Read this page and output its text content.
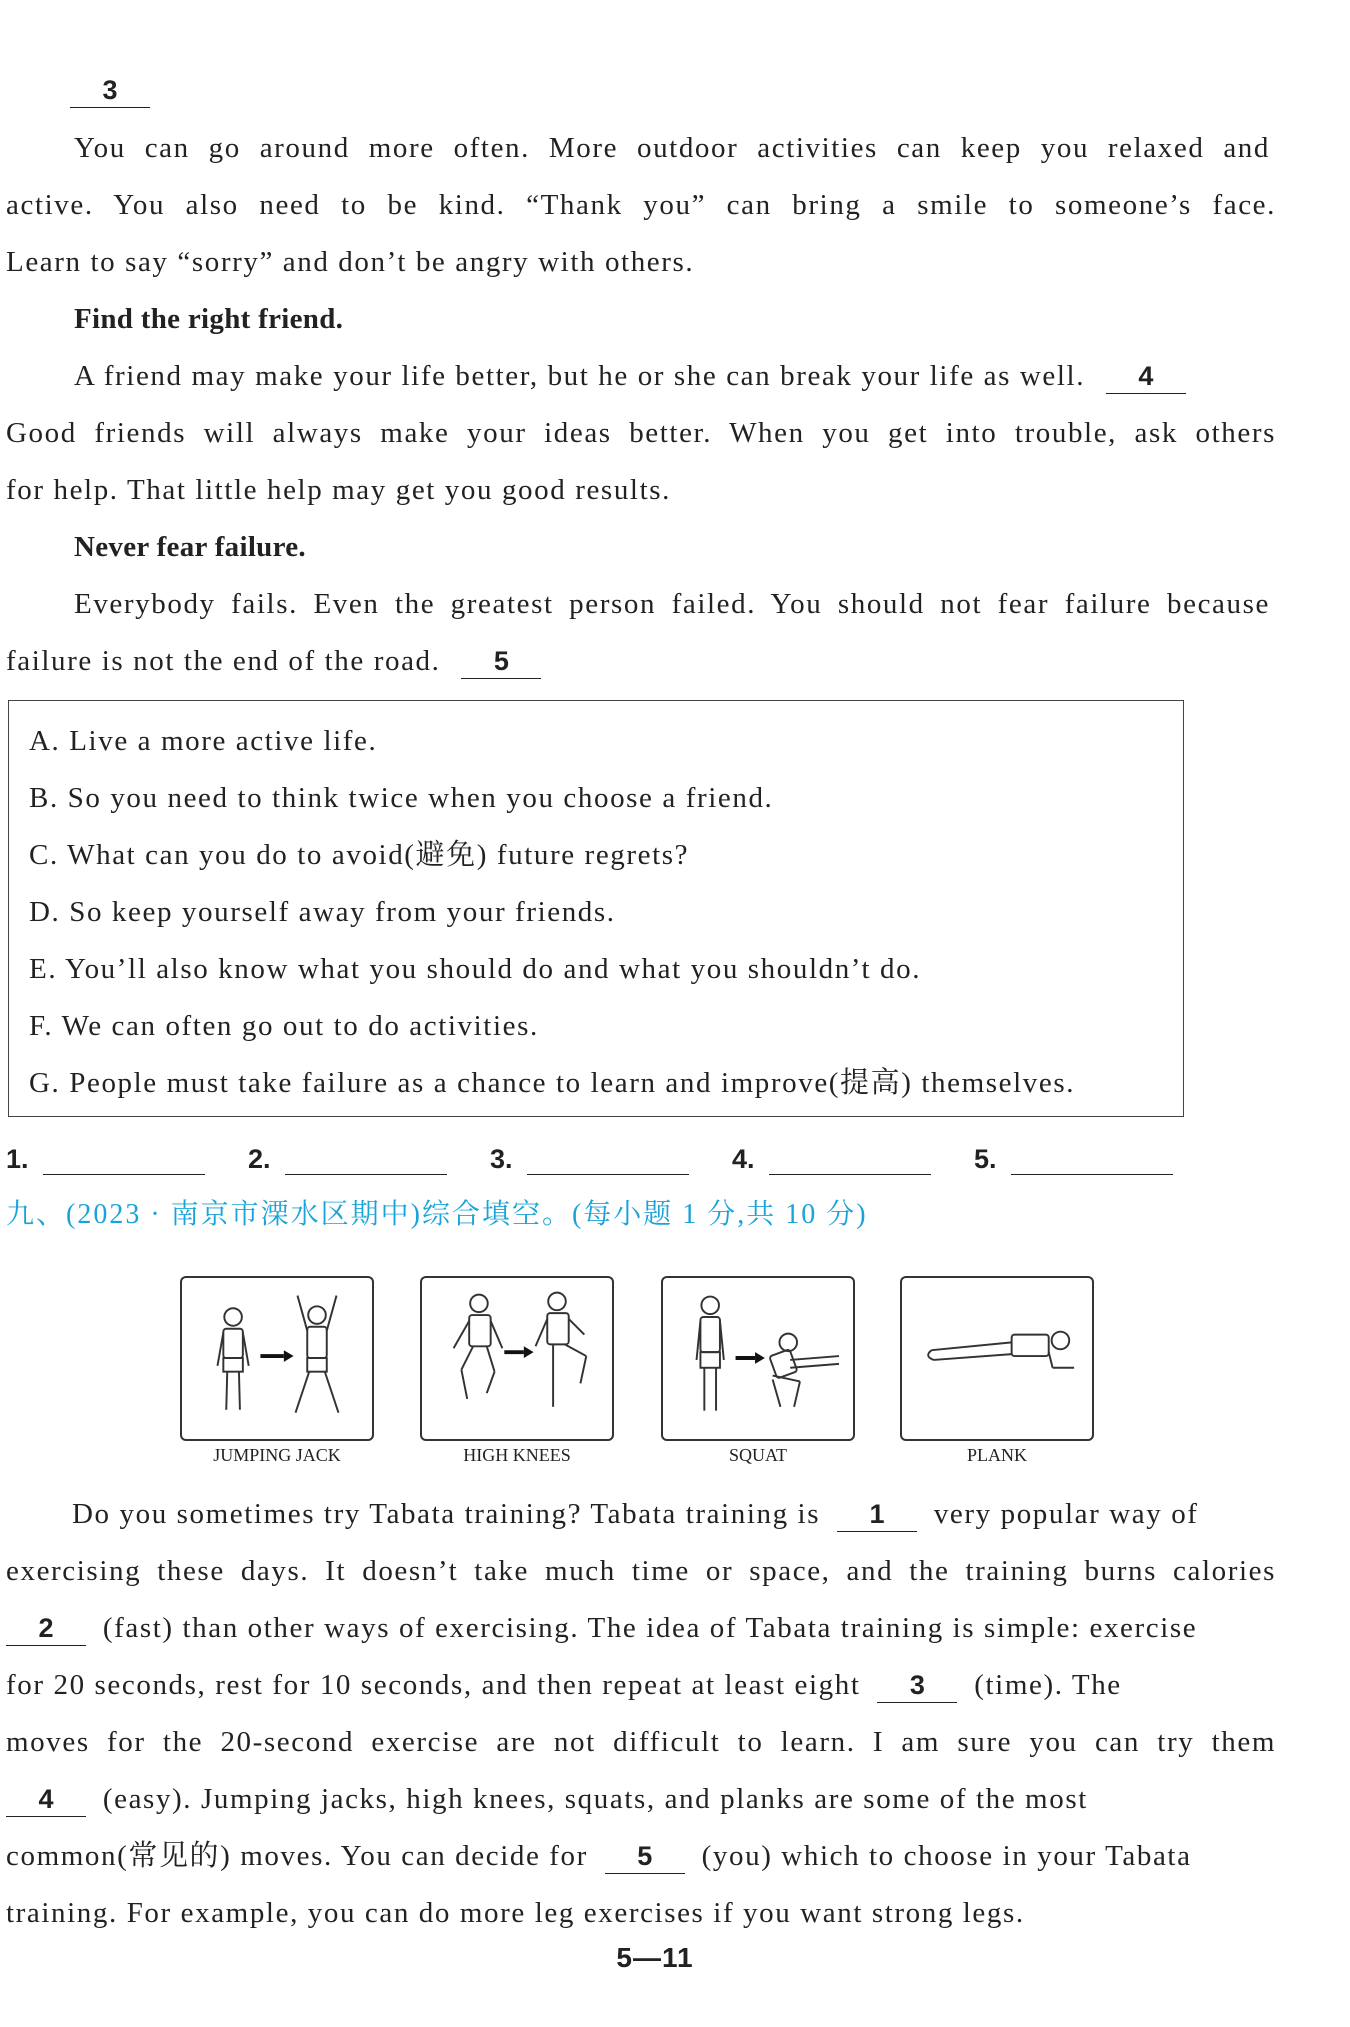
3
You can go around more often. More outdoor activities can keep you relaxed and
active. You also need to be kind. “Thank you” can bring a smile to someone’s face.
Learn to say “sorry” and don’t be angry with others.
Find the right friend.
A friend may make your life better, but he or she can break your life as well. 4
Good friends will always make your ideas better. When you get into trouble, ask others
for help. That little help may get you good results.
Never fear failure.
Everybody fails. Even the greatest person failed. You should not fear failure because
failure is not the end of the road. 5
A. Live a more active life.
B. So you need to think twice when you choose a friend.
C. What can you do to avoid(避免) future regrets?
D. So keep yourself away from your friends.
E. You’ll also know what you should do and what you shouldn’t do.
F. We can often go out to do activities.
G. People must take failure as a chance to learn and improve(提高) themselves.
1.	2.	3.	4.	5.
九、(2023 · 南京市溧水区期中)综合填空。(每小题 1 分,共 10 分)
JUMPING JACK	HIGH KNEES	SQUAT	PLANK
Do you sometimes try Tabata training? Tabata training is 1 very popular way of
exercising these days. It doesn’t take much time or space, and the training burns calories
2 (fast) than other ways of exercising. The idea of Tabata training is simple: exercise
for 20 seconds, rest for 10 seconds, and then repeat at least eight 3 (time). The
moves for the 20-second exercise are not difficult to learn. I am sure you can try them
4 (easy). Jumping jacks, high knees, squats, and planks are some of the most
common(常见的) moves. You can decide for 5 (you) which to choose in your Tabata
training. For example, you can do more leg exercises if you want strong legs.
5—11
